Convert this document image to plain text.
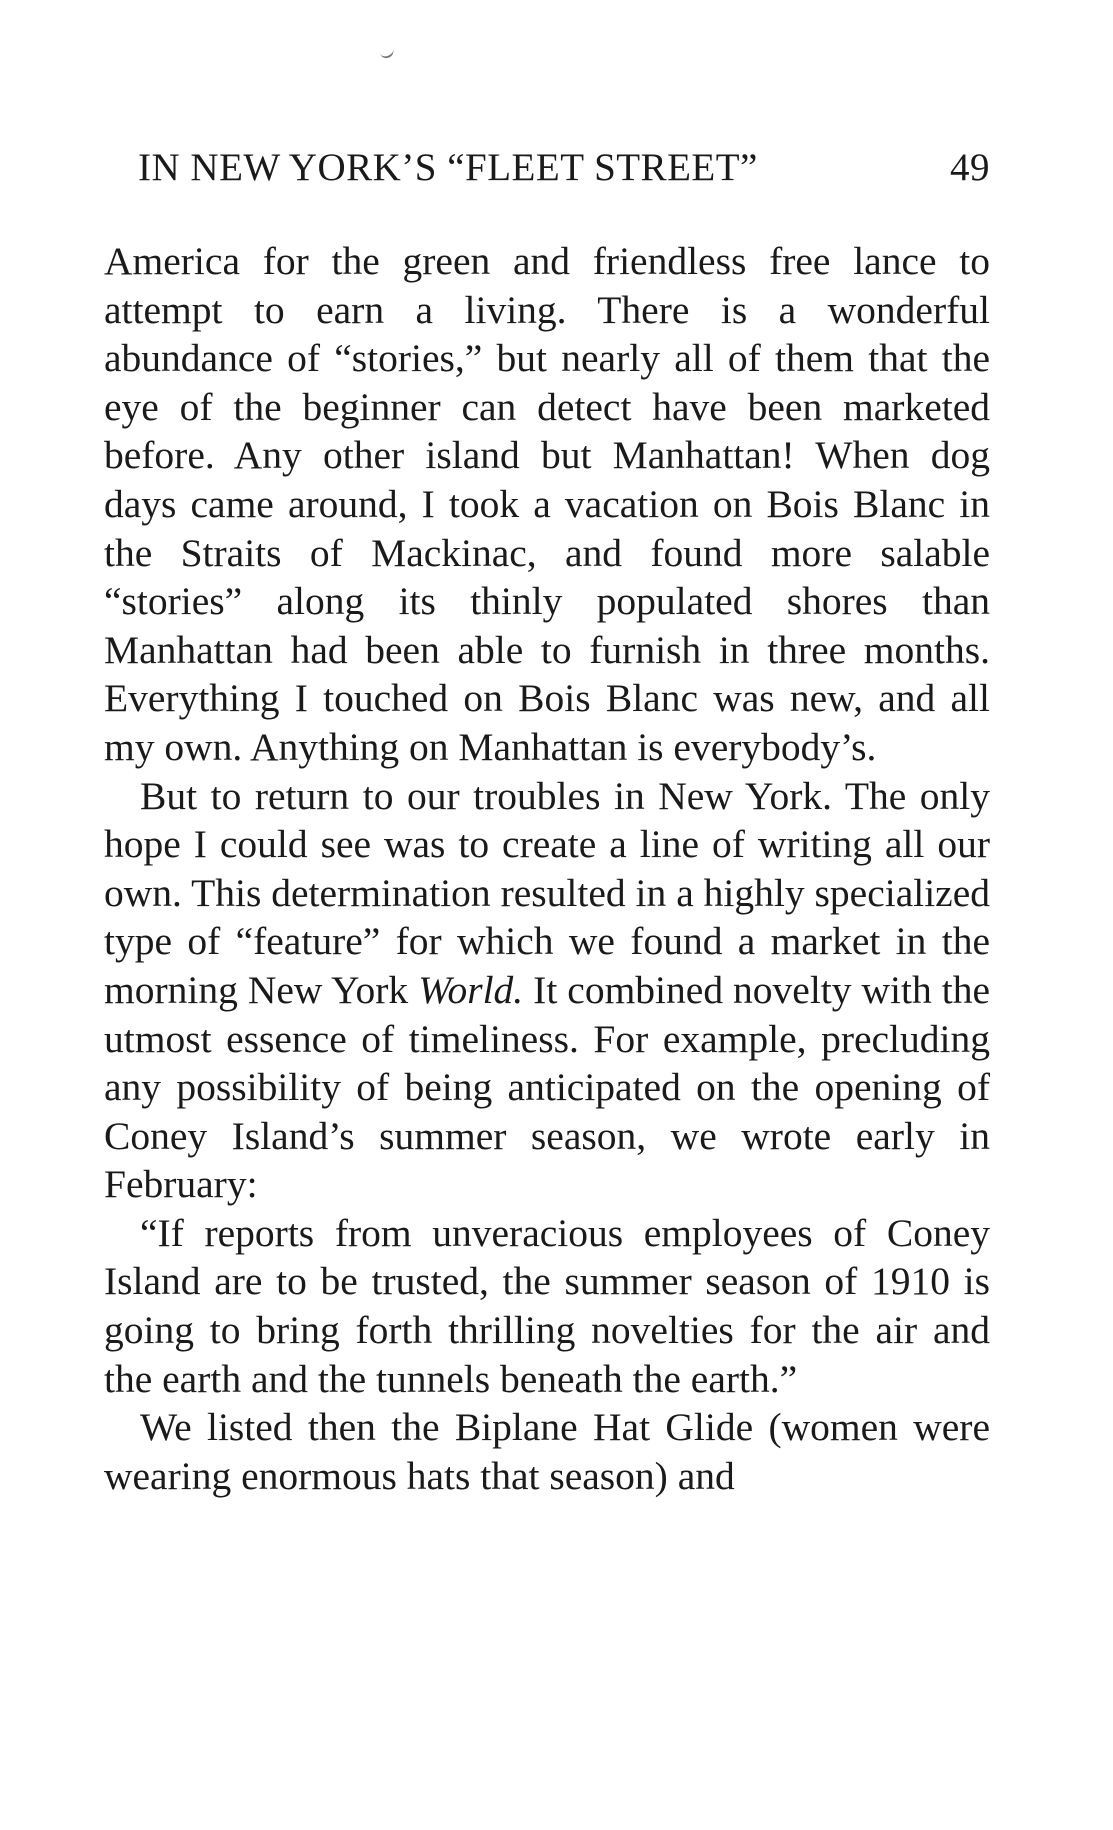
IN NEW YORK’S “FLEET STREET”	49

America for the green and friendless free lance to attempt to earn a living. There is a wonderful abundance of “stories,” but nearly all of them that the eye of the beginner can detect have been marketed before. Any other island but Manhattan! When dog days came around, I took a vacation on Bois Blanc in the Straits of Mackinac, and found more salable “stories” along its thinly populated shores than Manhattan had been able to furnish in three months. Everything I touched on Bois Blanc was new, and all my own. Anything on Manhattan is everybody’s.

But to return to our troubles in New York. The only hope I could see was to create a line of writing all our own. This determination resulted in a highly specialized type of “feature” for which we found a market in the morning New York World. It combined novelty with the utmost essence of timeliness. For example, precluding any possibility of being anticipated on the opening of Coney Island’s summer season, we wrote early in February:

“If reports from unveracious employees of Coney Island are to be trusted, the summer season of 1910 is going to bring forth thrilling novelties for the air and the earth and the tunnels beneath the earth.”

We listed then the Biplane Hat Glide (women were wearing enormous hats that season) and
